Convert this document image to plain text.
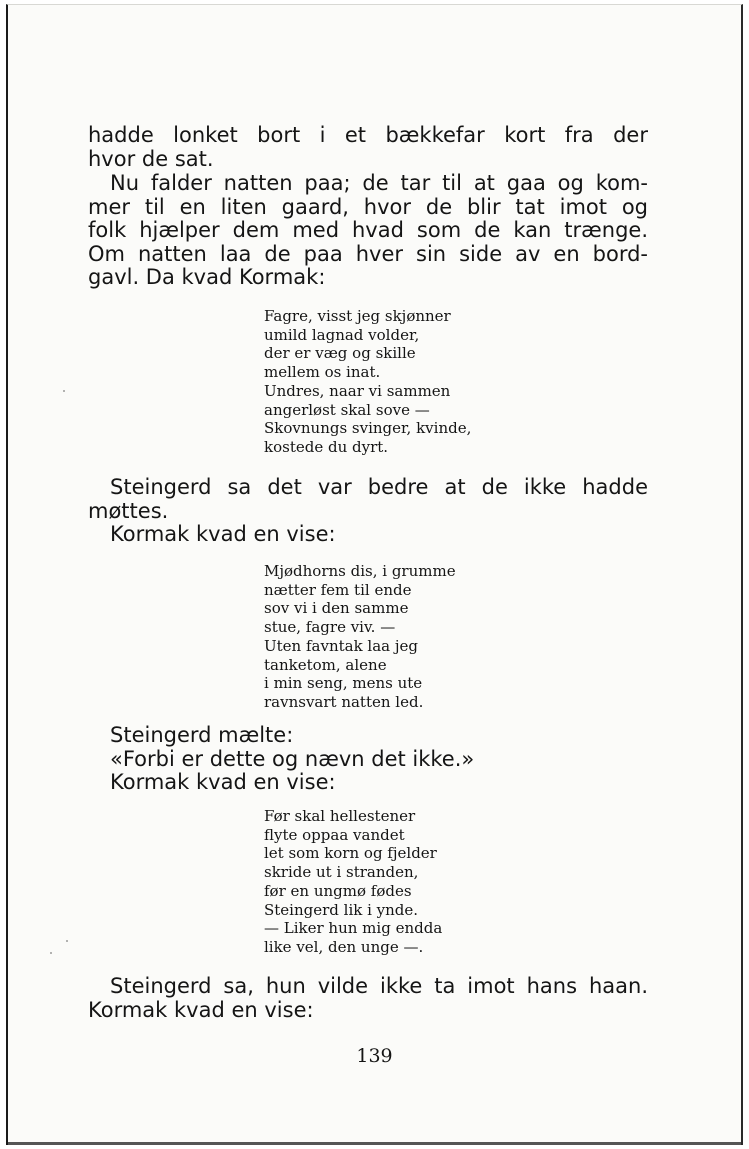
hadde lonket bort i et bækkefar kort fra der
hvor de sat.
Nu falder natten paa; de tar til at gaa og kom-
mer til en liten gaard, hvor de blir tat imot og
folk hjælper dem med hvad som de kan trænge.
Om natten laa de paa hver sin side av en bord-
gavl. Da kvad Kormak:
Fagre, visst jeg skjønner
umild lagnad volder,
der er væg og skille
mellem os inat.
Undres, naar vi sammen
angerløst skal sove —
Skovnungs svinger, kvinde,
kostede du dyrt.
Steingerd sa det var bedre at de ikke hadde
møttes.
Kormak kvad en vise:
Mjødhorns dis, i grumme
nætter fem til ende
sov vi i den samme
stue, fagre viv. —
Uten favntak laa jeg
tanketom, alene
i min seng, mens ute
ravnsvart natten led.
Steingerd mælte:
«Forbi er dette og nævn det ikke.»
Kormak kvad en vise:
Før skal hellestener
flyte oppaa vandet
let som korn og fjelder
skride ut i stranden,
før en ungmø fødes
Steingerd lik i ynde.
— Liker hun mig endda
like vel, den unge —.
Steingerd sa, hun vilde ikke ta imot hans haan.
Kormak kvad en vise:
139
